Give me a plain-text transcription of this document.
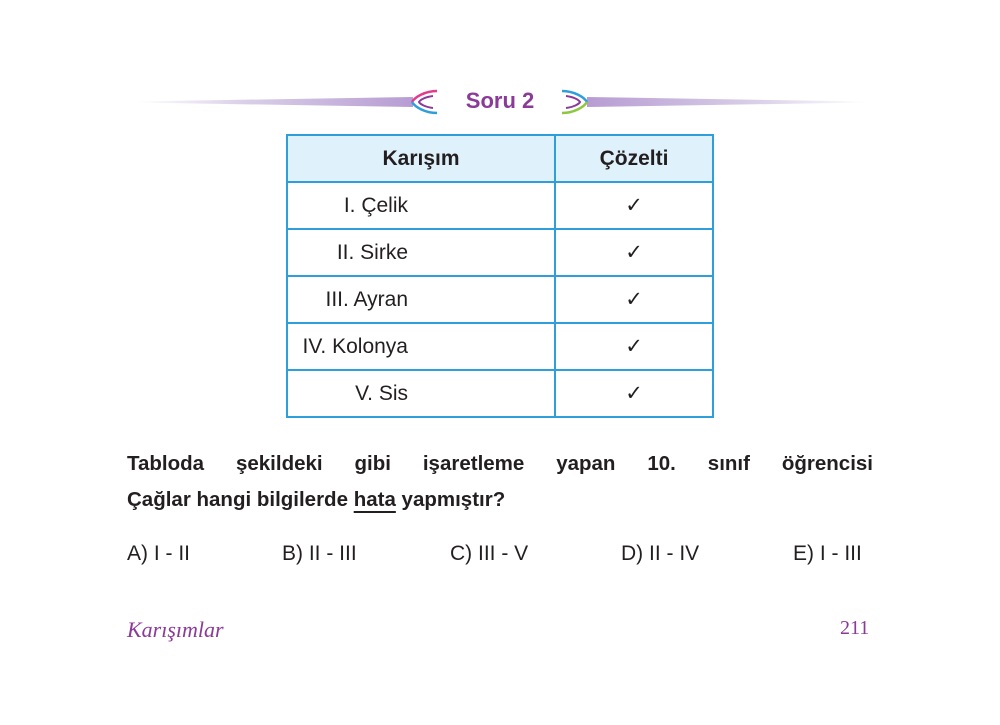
Soru 2
Karışım	Çözelti
I. Çelik	✓
II. Sirke	✓
III. Ayran	✓
IV. Kolonya	✓
V. Sis	✓
Tabloda şekildeki gibi işaretleme yapan 10. sınıf öğrencisi
Çağlar hangi bilgilerde hata yapmıştır?
A) I - II	B) II - III	C) III - V	D) II - IV	E) I - III
Karışımlar	211
